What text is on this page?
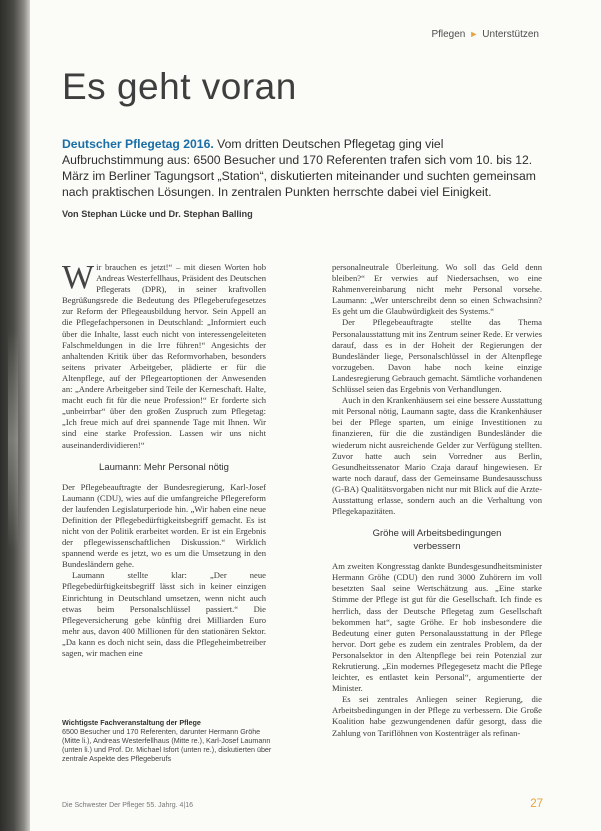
Pflegen ► Unterstützen
Es geht voran

Deutscher Pflegetag 2016. Vom dritten Deutschen Pflegetag ging viel Aufbruchstimmung aus: 6500 Besucher und 170 Referenten trafen sich vom 10. bis 12. März im Berliner Tagungsort „Station“, diskutierten miteinander und suchten gemeinsam nach praktischen Lösungen. In zentralen Punkten herrschte dabei viel Einigkeit.

Von Stephan Lücke und Dr. Stephan Balling

Wir brauchen es jetzt!“ – mit diesen Worten hob Andreas Westerfellhaus, Präsident des Deutschen Pflegerats (DPR), in seiner kraftvollen Begrüßungsrede die Bedeutung des Pflegeberufegesetzes zur Reform der Pflegeausbildung hervor. Sein Appell an die Pflegefachpersonen in Deutschland: „Informiert euch über die Inhalte, lasst euch nicht von interessengeleiteten Falschmeldungen in die Irre führen!“ Angesichts der anhaltenden Kritik über das Reformvorhaben, besonders seitens privater Arbeitgeber, plädierte er für die Altenpflege, auf der Pflegeartoptionen der Anwesenden an: „Andere Arbeitgeber sind Teile der Kerneschaft. Halte, macht euch fit für die neue Profession!“ Er forderte sich „unbeirrbar“ über den großen Zuspruch zum Pflegetag: „Ich freue mich auf drei spannende Tage mit Ihnen. Wir sind eine starke Profession. Lassen wir uns nicht auseinanderdividieren!“

Laumann: Mehr Personal nötig

Der Pflegebeauftragte der Bundesregierung, Karl-Josef Laumann (CDU), wies auf die umfangreiche Pflegereform der laufenden Legislaturperiode hin. „Wir haben eine neue Definition der Pflegebedürftigkeitsbegriff gemacht. Es ist nicht von der Politik erarbeitet worden. Er ist ein Ergebnis der pflegewissenschaftlichen Diskussion.“ Wirklich spannend werde es jetzt, wo es um die Umsetzung in den Bundesländern gehe.

Laumann stellte klar: „Der neue Pflegebedürftigkeitsbegriff lässt sich in keiner einzigen Einrichtung in Deutschland umsetzen, wenn nicht auch etwas beim Personalschlüssel passiert.“ Die Pflegeversicherung gebe künftig drei Milliarden Euro mehr aus, davon 400 Millionen für den stationären Sektor. „Da kann es doch nicht sein, dass die Pflegeheimbetreiber sagen, wir machen eine

personalneutrale Überleitung. Wo soll das Geld denn bleiben?“ Er verwies auf Niedersachsen, wo eine Rahmenvereinbarung nicht mehr Personal vorsehe. Laumann: „Wer unterschreibt denn so einen Schwachsinn? Es geht um die Glaubwürdigkeit des Systems.“

Der Pflegebeauftragte stellte das Thema Personalausstattung mit ins Zentrum seiner Rede. Er verwies darauf, dass es in der Hoheit der Regierungen der Bundesländer liege, Personalschlüssel in der Altenpflege vorzugeben. Davon habe noch keine einzige Landesregierung Gebrauch gemacht. Sämtliche vorhandenen Schlüssel seien das Ergebnis von Verhandlungen.

Auch in den Krankenhäusern sei eine bessere Ausstattung mit Personal nötig, Laumann sagte, dass die Krankenhäuser bei der Pflege sparten, um einige Investitionen zu finanzieren, für die die zuständigen Bundesländer die wiederum nicht ausreichende Gelder zur Verfügung stellten. Zuvor hatte auch sein Vorredner aus Berlin, Gesundheitssenator Mario Czaja darauf hingewiesen. Er warte noch darauf, dass der Gemeinsame Bundesausschuss (G-BA) Qualitätsvorgaben nicht nur mit Blick auf die Arzte-Ausstattung erlasse, sondern auch an die Verhaltung von Pflegekapazitäten.

Gröhe will Arbeitsbedingungen
verbessern

Am zweiten Kongresstag dankte Bundesgesundheitsminister Hermann Gröhe (CDU) den rund 3000 Zuhörern im voll besetzten Saal seine Wertschätzung aus. „Eine starke Stimme der Pflege ist gut für die Gesellschaft. Ich finde es herrlich, dass der Deutsche Pflegetag zum Gesellschaft bekommen hat“, sagte Gröhe. Er hob insbesondere die Bedeutung einer guten Personalausstattung in der Pflege hervor. Dort gebe es zudem ein zentrales Problem, da der Personalsektor in den Altenpflege bei rein Potenzial zur Rekrutierung. „Ein modernes Pflegegesetz macht die Pflege leichter, es entlastet kein Personal“, argumentierte der Minister.

Es sei zentrales Anliegen seiner Regierung, die Arbeitsbedingungen in der Pflege zu verbessern. Die Große Koalition habe gezwungendenen dafür gesorgt, dass die Zahlung von Tariflöhnen von Kostenträger als refinan-

Wichtigste Fachveranstaltung der Pflege
6500 Besucher und 170 Referenten, darunter Hermann Gröhe (Mitte li.), Andreas Westerfellhaus (Mitte re.), Karl-Josef Laumann (unten li.) und Prof. Dr. Michael Isfort (unten re.), diskutierten über zentrale Aspekte des Pflegeberufs
Die Schwester Der Pfleger 55. Jahrg. 4|16	27
